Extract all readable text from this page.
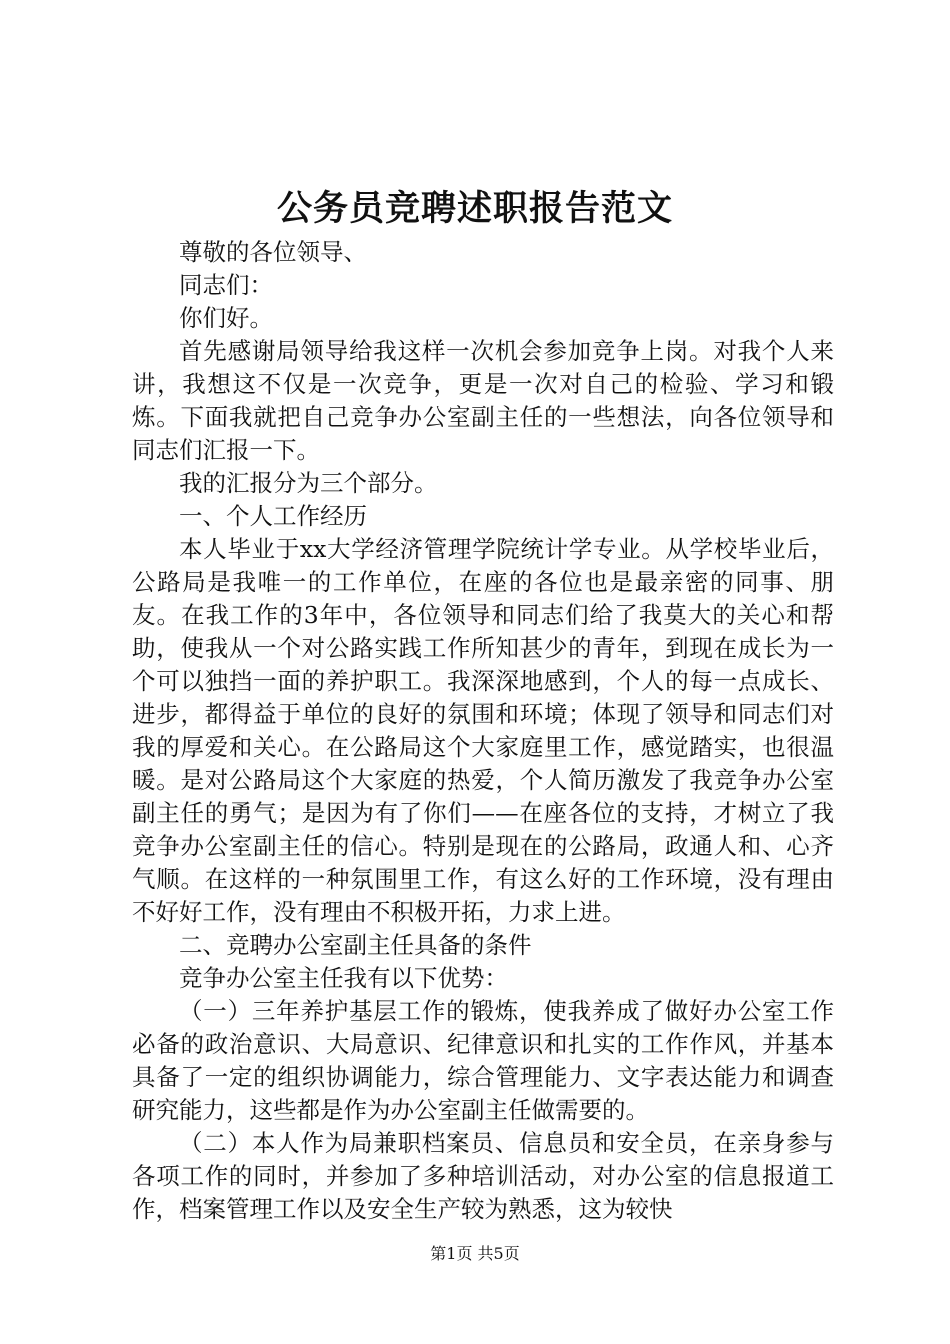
公务员竞聘述职报告范文

尊敬的各位领导、

同志们：

你们好。

首先感谢局领导给我这样一次机会参加竞争上岗。对我个人来讲，我想这不仅是一次竞争，更是一次对自己的检验、学习和锻炼。下面我就把自己竞争办公室副主任的一些想法，向各位领导和同志们汇报一下。

我的汇报分为三个部分。

一、个人工作经历

本人毕业于xx大学经济管理学院统计学专业。从学校毕业后，公路局是我唯一的工作单位，在座的各位也是最亲密的同事、朋友。在我工作的3年中，各位领导和同志们给了我莫大的关心和帮助，使我从一个对公路实践工作所知甚少的青年，到现在成长为一个可以独挡一面的养护职工。我深深地感到，个人的每一点成长、进步，都得益于单位的良好的氛围和环境；体现了领导和同志们对我的厚爱和关心。在公路局这个大家庭里工作，感觉踏实，也很温暖。是对公路局这个大家庭的热爱，个人简历激发了我竞争办公室副主任的勇气；是因为有了你们——在座各位的支持，才树立了我竞争办公室副主任的信心。特别是现在的公路局，政通人和、心齐气顺。在这样的一种氛围里工作，有这么好的工作环境，没有理由不好好工作，没有理由不积极开拓，力求上进。

二、竞聘办公室副主任具备的条件

竞争办公室主任我有以下优势：

（一）三年养护基层工作的锻炼，使我养成了做好办公室工作必备的政治意识、大局意识、纪律意识和扎实的工作作风，并基本具备了一定的组织协调能力，综合管理能力、文字表达能力和调查研究能力，这些都是作为办公室副主任做需要的。

（二）本人作为局兼职档案员、信息员和安全员，在亲身参与各项工作的同时，并参加了多种培训活动，对办公室的信息报道工作，档案管理工作以及安全生产较为熟悉，这为较快

第1页 共5页
